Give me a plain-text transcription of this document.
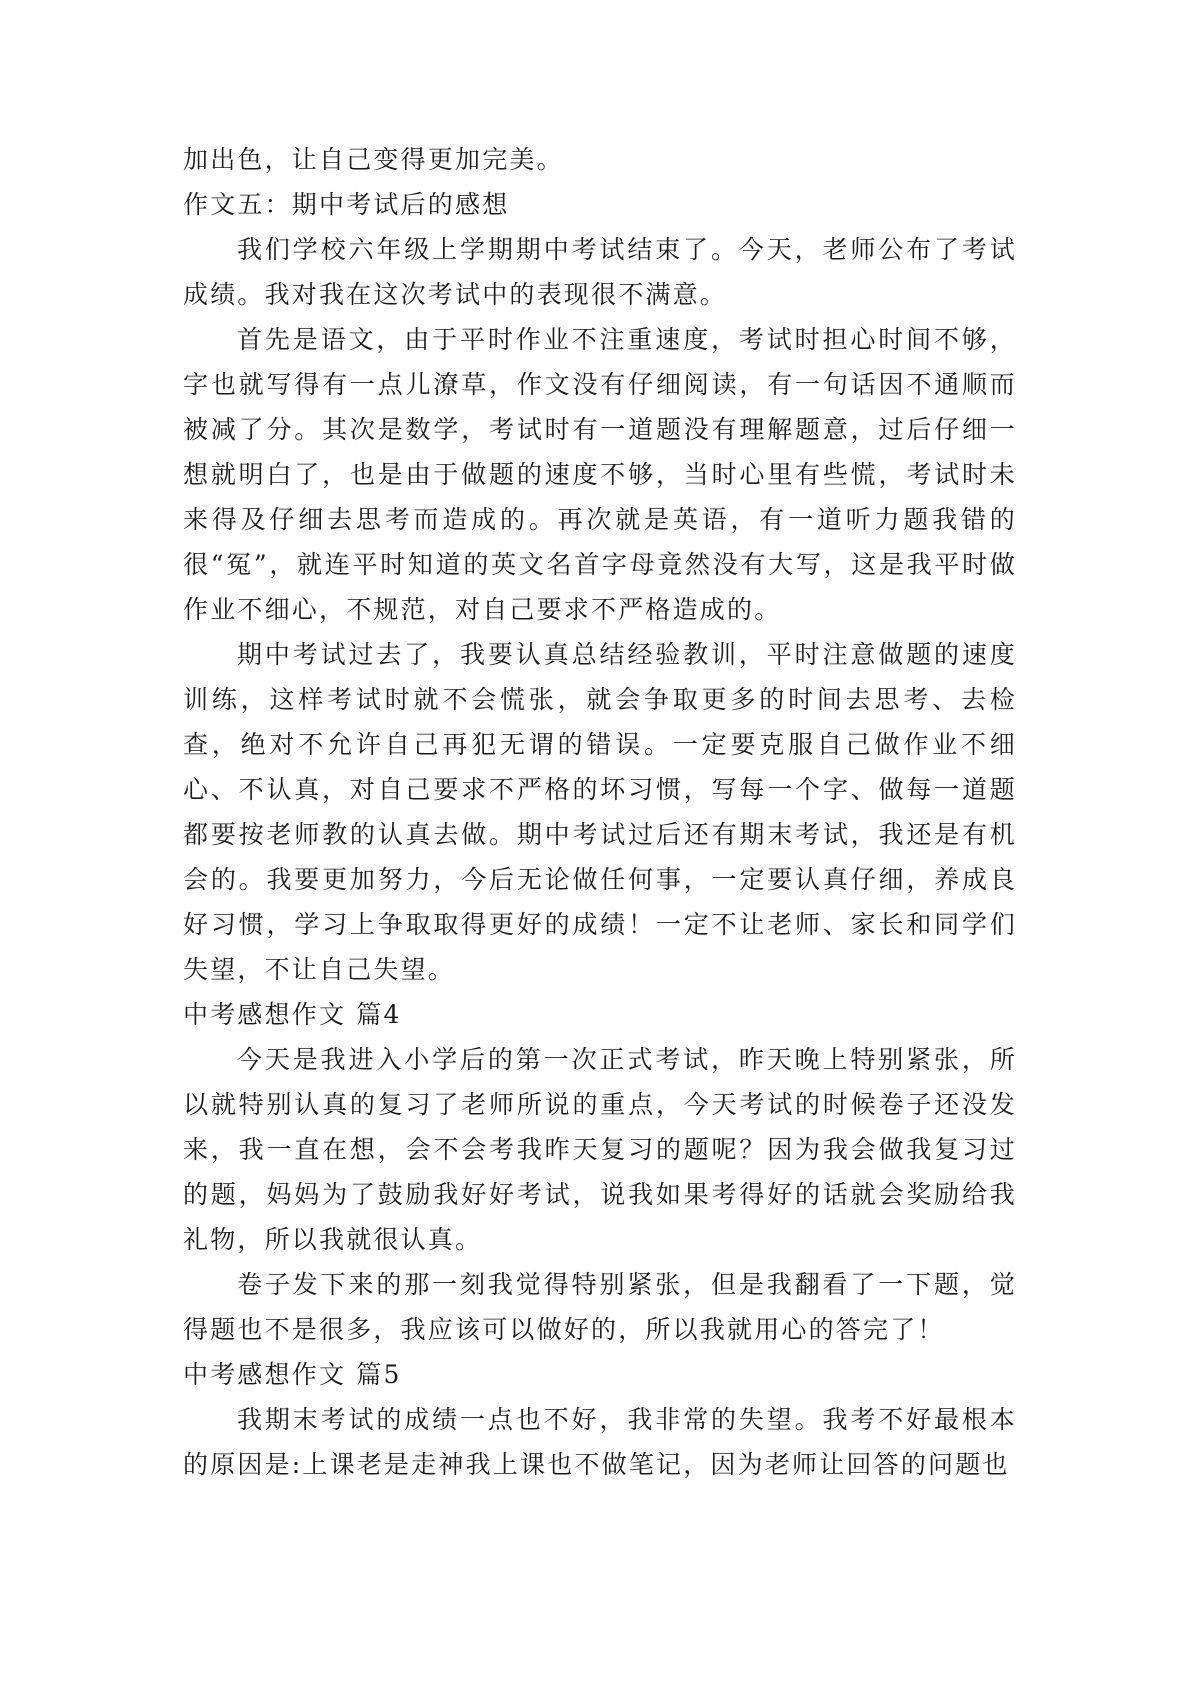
加出色，让自己变得更加完美。

作文五：期中考试后的感想

我们学校六年级上学期期中考试结束了。今天，老师公布了考试成绩。我对我在这次考试中的表现很不满意。

首先是语文，由于平时作业不注重速度，考试时担心时间不够，字也就写得有一点儿潦草，作文没有仔细阅读，有一句话因不通顺而被减了分。其次是数学，考试时有一道题没有理解题意，过后仔细一想就明白了，也是由于做题的速度不够，当时心里有些慌，考试时未来得及仔细去思考而造成的。再次就是英语，有一道听力题我错的很“冤”，就连平时知道的英文名首字母竟然没有大写，这是我平时做作业不细心，不规范，对自己要求不严格造成的。

期中考试过去了，我要认真总结经验教训，平时注意做题的速度训练，这样考试时就不会慌张，就会争取更多的时间去思考、去检查，绝对不允许自己再犯无谓的错误。一定要克服自己做作业不细心、不认真，对自己要求不严格的坏习惯，写每一个字、做每一道题都要按老师教的认真去做。期中考试过后还有期末考试，我还是有机会的。我要更加努力，今后无论做任何事，一定要认真仔细，养成良好习惯，学习上争取取得更好的成绩！一定不让老师、家长和同学们失望，不让自己失望。

中考感想作文 篇4

今天是我进入小学后的第一次正式考试，昨天晚上特别紧张，所以就特别认真的复习了老师所说的重点，今天考试的时候卷子还没发来，我一直在想，会不会考我昨天复习的题呢？因为我会做我复习过的题，妈妈为了鼓励我好好考试，说我如果考得好的话就会奖励给我礼物，所以我就很认真。

卷子发下来的那一刻我觉得特别紧张，但是我翻看了一下题，觉得题也不是很多，我应该可以做好的，所以我就用心的答完了！

中考感想作文 篇5

我期末考试的成绩一点也不好，我非常的失望。我考不好最根本的原因是:上课老是走神我上课也不做笔记，因为老师让回答的问题也
